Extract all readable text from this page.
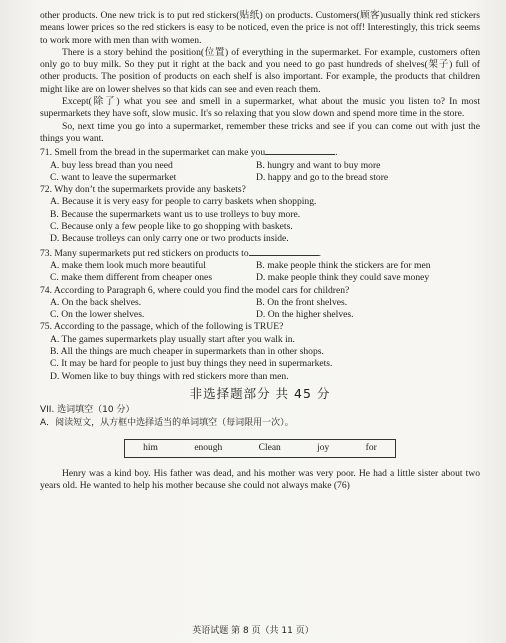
other products. One new trick is to put red stickers(贴纸) on products. Customers(顾客)usually think red stickers means lower prices so the red stickers is easy to be noticed, even the price is not off! Interestingly, this trick seems to work more with men than with women.

There is a story behind the position(位置) of everything in the supermarket. For example, customers often only go to buy milk. So they put it right at the back and you need to go past hundreds of shelves(架子) full of other products. The position of products on each shelf is also important. For example, the products that children might like are on lower shelves so that kids can see and even reach them.

Except(除了) what you see and smell in a supermarket, what about the music you listen to? In most supermarkets they have soft, slow music. It's so relaxing that you slow down and spend more time in the store.

So, next time you go into a supermarket, remember these tricks and see if you can come out with just the things you want.

71. Smell from the bread in the supermarket can make you	.
A. buy less bread than you need	B. hungry and want to buy more
C. want to leave the supermarket	D. happy and go to the bread store
72. Why don’t the supermarkets provide any baskets?
A. Because it is very easy for people to carry baskets when shopping.
B. Because the supermarkets want us to use trolleys to buy more.
C. Because only a few people like to go shopping with baskets.
D. Because trolleys can only carry one or two products inside.
73. Many supermarkets put red stickers on products to	.
A. make them look much more beautiful	B. make people think the stickers are for men
C. make them different from cheaper ones	D. make people think they could save money
74. According to Paragraph 6, where could you find the model cars for children?
A. On the back shelves.	B. On the front shelves.
C. On the lower shelves.	D. On the higher shelves.
75. According to the passage, which of the following is TRUE?
A. The games supermarkets play usually start after you walk in.
B. All the things are much cheaper in supermarkets than in other shops.
C. It may be hard for people to just buy things they need in supermarkets.
D. Women like to buy things with red stickers more than men.
非选择题部分 共 45 分

VII. 选词填空（10 分）

A．阅读短文，从方框中选择适当的单词填空（每词限用一次）。

him	enough	Clean	joy	for

Henry was a kind boy. His father was dead, and his mother was very poor. He had a little sister about two years old. He wanted to help his mother because she could not always make (76)

英语试题 第 8 页（共 11 页）
